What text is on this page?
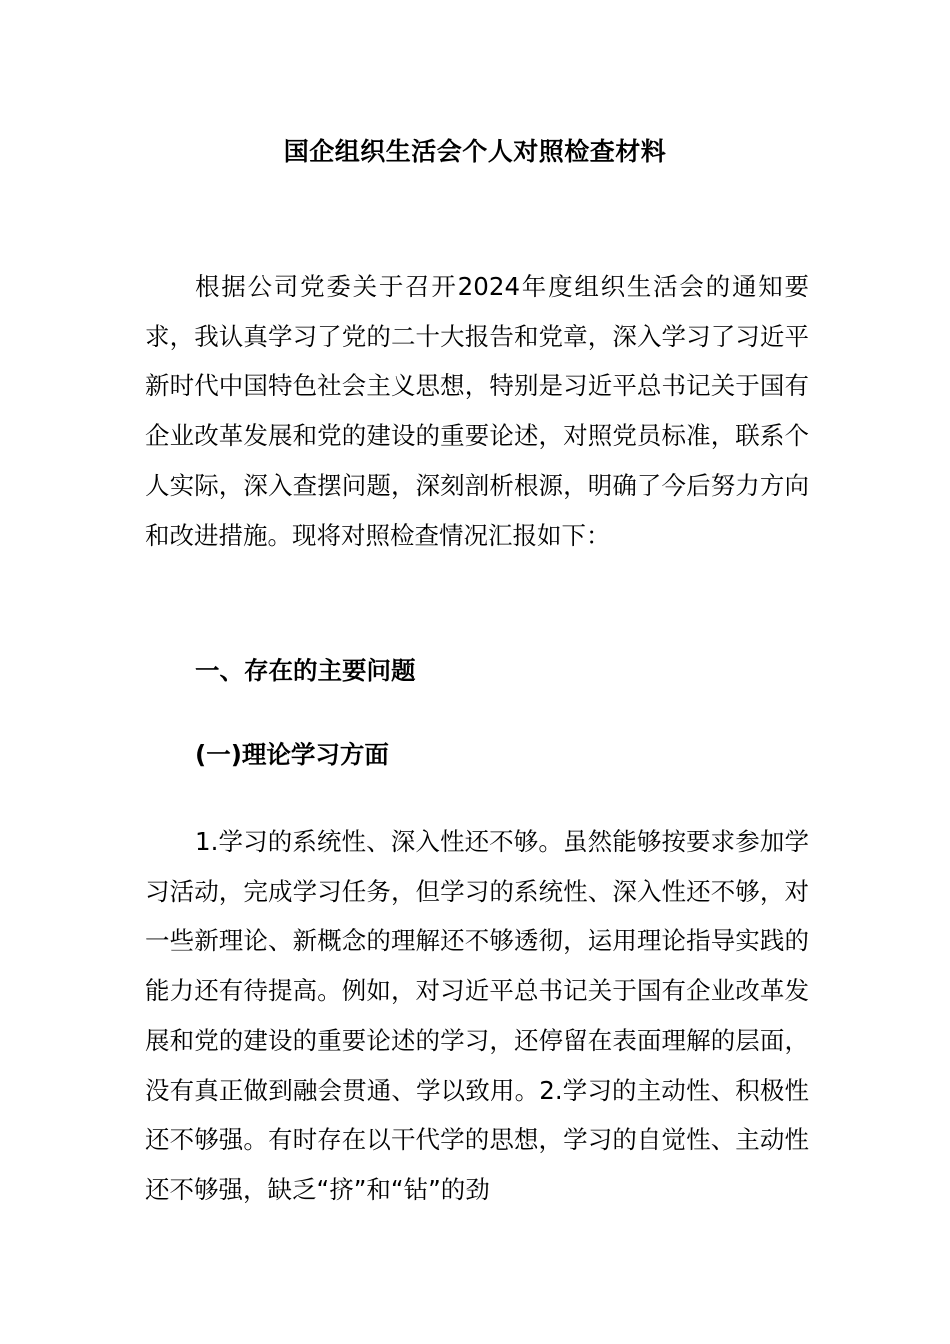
国企组织生活会个人对照检查材料

根据公司党委关于召开2024年度组织生活会的通知要求，我认真学习了党的二十大报告和党章，深入学习了习近平新时代中国特色社会主义思想，特别是习近平总书记关于国有企业改革发展和党的建设的重要论述，对照党员标准，联系个人实际，深入查摆问题，深刻剖析根源，明确了今后努力方向和改进措施。现将对照检查情况汇报如下：

一、存在的主要问题

(一)理论学习方面

1.学习的系统性、深入性还不够。虽然能够按要求参加学习活动，完成学习任务，但学习的系统性、深入性还不够，对一些新理论、新概念的理解还不够透彻，运用理论指导实践的能力还有待提高。例如，对习近平总书记关于国有企业改革发展和党的建设的重要论述的学习，还停留在表面理解的层面，没有真正做到融会贯通、学以致用。2.学习的主动性、积极性还不够强。有时存在以干代学的思想，学习的自觉性、主动性还不够强，缺乏“挤”和“钻”的劲
